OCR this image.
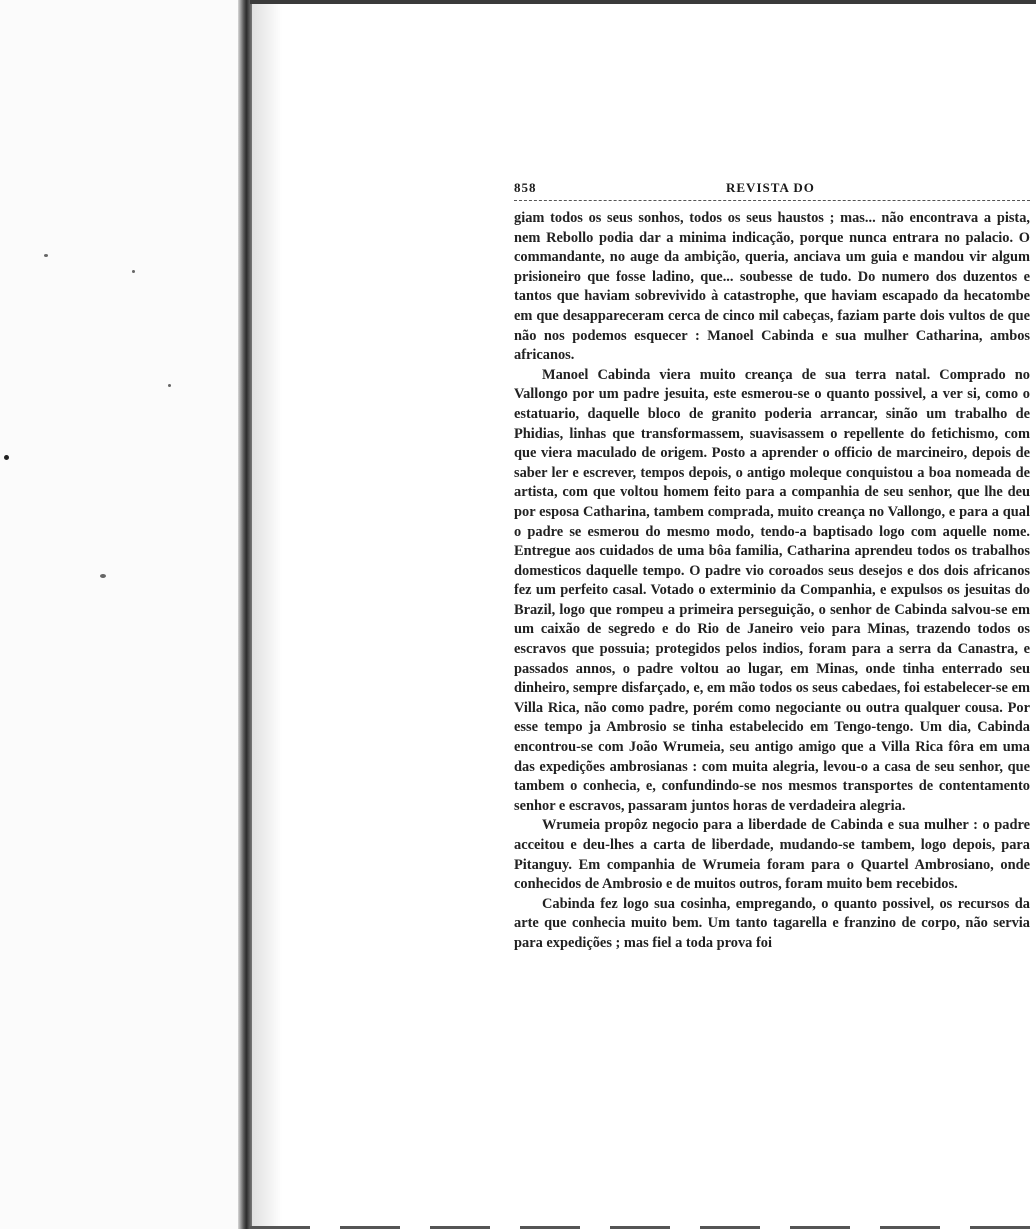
858	REVISTA DO

giam todos os seus sonhos, todos os seus haustos ; mas... não encontrava a pista, nem Rebollo podia dar a minima indicação, porque nunca entrara no palacio. O commandante, no auge da ambição, queria, anciava um guia e mandou vir algum prisioneiro que fosse ladino, que... soubesse de tudo. Do numero dos duzentos e tantos que haviam sobrevivido à catastrophe, que haviam escapado da hecatombe em que desappareceram cerca de cinco mil cabeças, faziam parte dois vultos de que não nos podemos esquecer : Manoel Cabinda e sua mulher Catharina, ambos africanos.

Manoel Cabinda viera muito creança de sua terra natal. Comprado no Vallongo por um padre jesuita, este esmerou-se o quanto possivel, a ver si, como o estatuario, daquelle bloco de granito poderia arrancar, sinão um trabalho de Phidias, linhas que transformassem, suavisassem o repellente do fetichismo, com que viera maculado de origem. Posto a aprender o officio de marcineiro, depois de saber ler e escrever, tempos depois, o antigo moleque conquistou a boa nomeada de artista, com que voltou homem feito para a companhia de seu senhor, que lhe deu por esposa Catharina, tambem comprada, muito creança no Vallongo, e para a qual o padre se esmerou do mesmo modo, tendo-a baptisado logo com aquelle nome. Entregue aos cuidados de uma bôa familia, Catharina aprendeu todos os trabalhos domesticos daquelle tempo. O padre vio coroados seus desejos e dos dois africanos fez um perfeito casal. Votado o exterminio da Companhia, e expulsos os jesuitas do Brazil, logo que rompeu a primeira perseguição, o senhor de Cabinda salvou-se em um caixão de segredo e do Rio de Janeiro veio para Minas, trazendo todos os escravos que possuia; protegidos pelos indios, foram para a serra da Canastra, e passados annos, o padre voltou ao lugar, em Minas, onde tinha enterrado seu dinheiro, sempre disfarçado, e, em mão todos os seus cabedaes, foi estabelecer-se em Villa Rica, não como padre, porém como negociante ou outra qualquer cousa. Por esse tempo ja Ambrosio se tinha estabelecido em Tengo-tengo. Um dia, Cabinda encontrou-se com João Wrumeia, seu antigo amigo que a Villa Rica fôra em uma das expedições ambrosianas : com muita alegria, levou-o a casa de seu senhor, que tambem o conhecia, e, confundindo-se nos mesmos transportes de contentamento senhor e escravos, passaram juntos horas de verdadeira alegria.

Wrumeia propôz negocio para a liberdade de Cabinda e sua mulher : o padre acceitou e deu-lhes a carta de liberdade, mudando-se tambem, logo depois, para Pitanguy. Em companhia de Wrumeia foram para o Quartel Ambrosiano, onde conhecidos de Ambrosio e de muitos outros, foram muito bem recebidos.

Cabinda fez logo sua cosinha, empregando, o quanto possivel, os recursos da arte que conhecia muito bem. Um tanto tagarella e franzino de corpo, não servia para expedições ; mas fiel a toda prova foi
